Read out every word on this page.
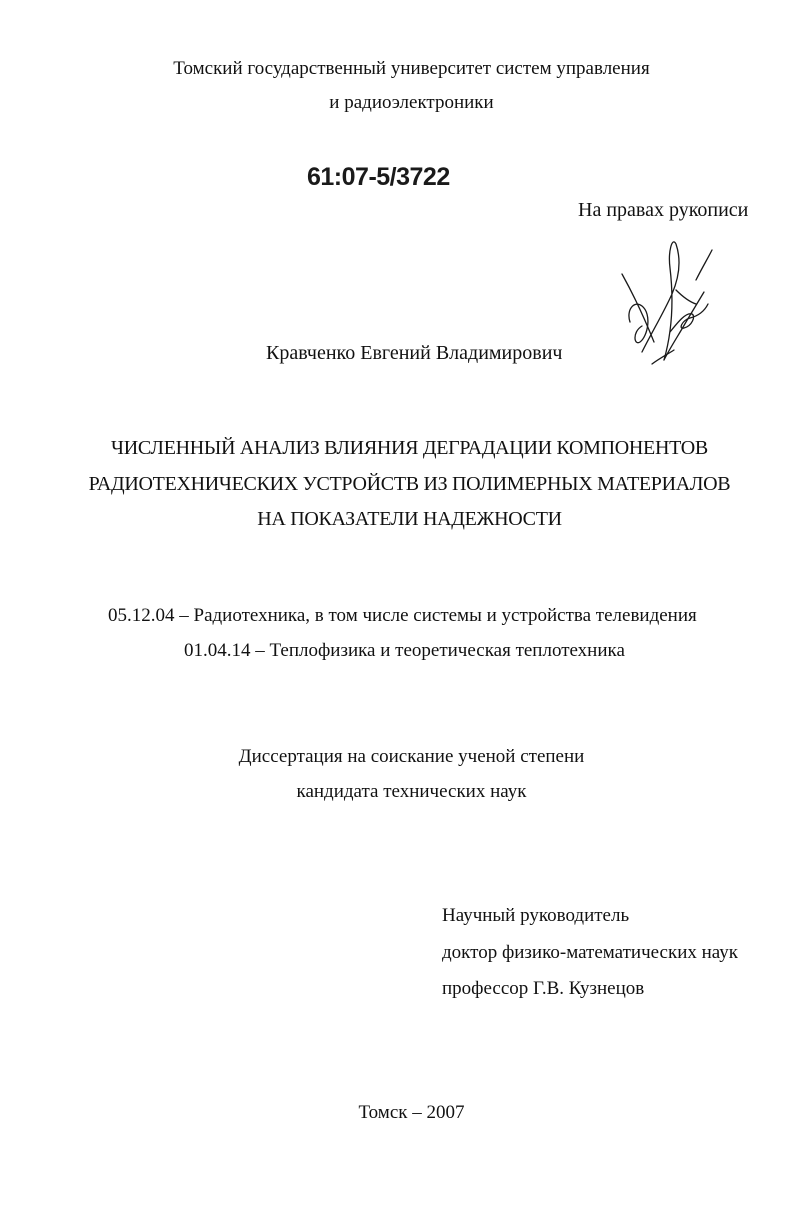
Томский государственный университет систем управления
и радиоэлектроники
61:07-5/3722
На правах рукописи
Кравченко Евгений Владимирович
ЧИСЛЕННЫЙ АНАЛИЗ ВЛИЯНИЯ ДЕГРАДАЦИИ КОМПОНЕНТОВ
РАДИОТЕХНИЧЕСКИХ УСТРОЙСТВ ИЗ ПОЛИМЕРНЫХ МАТЕРИАЛОВ
НА ПОКАЗАТЕЛИ НАДЕЖНОСТИ
05.12.04 – Радиотехника, в том числе системы и устройства телевидения
01.04.14 – Теплофизика и теоретическая теплотехника
Диссертация на соискание ученой степени
кандидата технических наук
Научный руководитель
доктор физико-математических наук
профессор Г.В. Кузнецов
Томск – 2007
